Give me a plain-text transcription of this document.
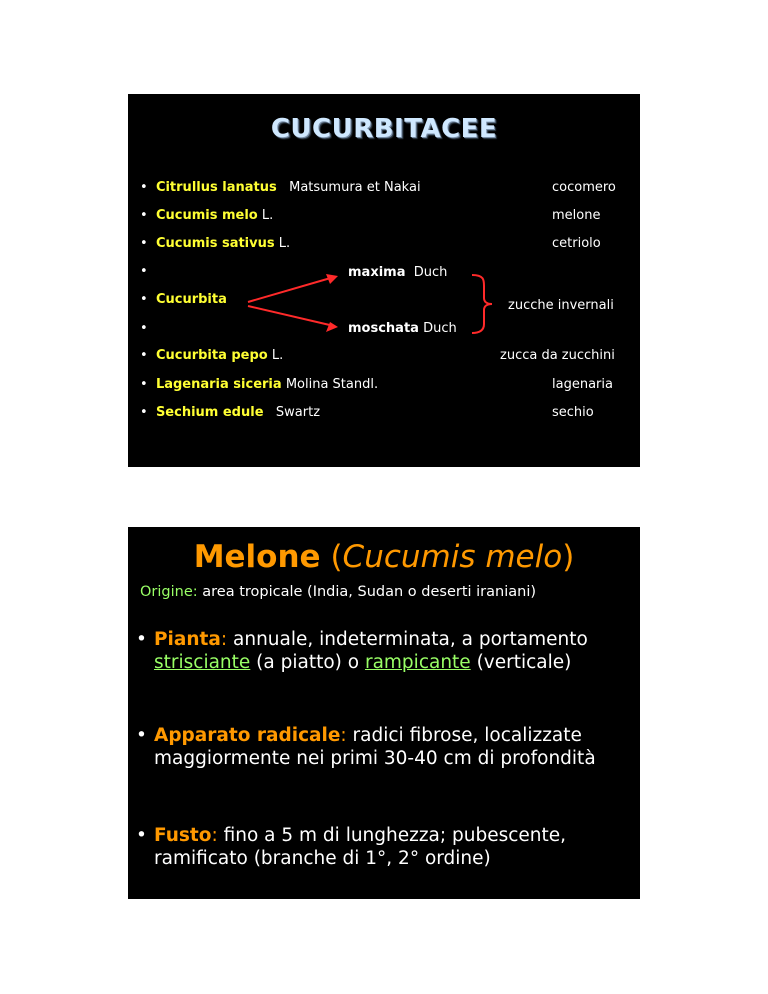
CUCURBITACEE
• Citrullus lanatus Matsumura et Nakai	cocomero
• Cucumis melo L.	melone
• Cucumis sativus L.	cetriolo
•	maxima Duch
• Cucurbita	zucche invernali
•	moschata Duch
• Cucurbita pepo L.	zucca da zucchini
• Lagenaria siceria Molina Standl.	lagenaria
• Sechium edule Swartz	sechio
Melone (Cucumis melo)
Origine: area tropicale (India, Sudan o deserti iraniani)
• Pianta: annuale, indeterminata, a portamento
strisciante (a piatto) o rampicante (verticale)
• Apparato radicale: radici fibrose, localizzate
maggiormente nei primi 30-40 cm di profondità
• Fusto: fino a 5 m di lunghezza; pubescente,
ramificato (branche di 1°, 2° ordine)
